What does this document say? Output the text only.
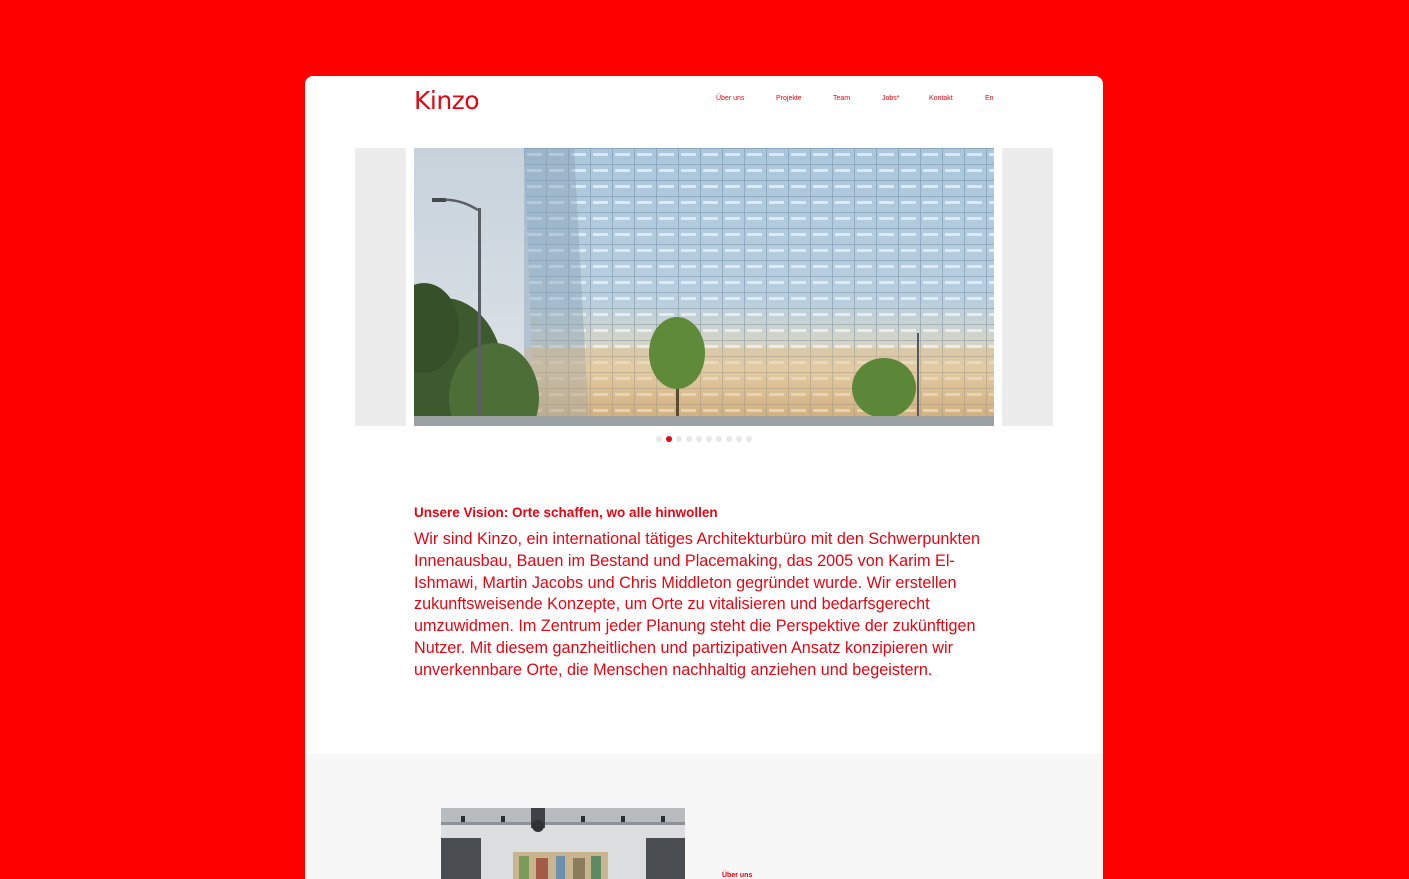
Kinzo	Über uns	Projekte	Team	Jobs*	Kontakt	En
Unsere Vision: Orte schaffen, wo alle hinwollen

Wir sind Kinzo, ein international tätiges Architekturbüro mit den Schwerpunkten Innenausbau, Bauen im Bestand und Placemaking, das 2005 von Karim El-Ishmawi, Martin Jacobs und Chris Middleton gegründet wurde. Wir erstellen zukunftsweisende Konzepte, um Orte zu vitalisieren und bedarfsgerecht umzuwidmen. Im Zentrum jeder Planung steht die Perspektive der zukünftigen Nutzer. Mit diesem ganzheitlichen und partizipativen Ansatz konzipieren wir unverkennbare Orte, die Menschen nachhaltig anziehen und begeistern.

Über uns
